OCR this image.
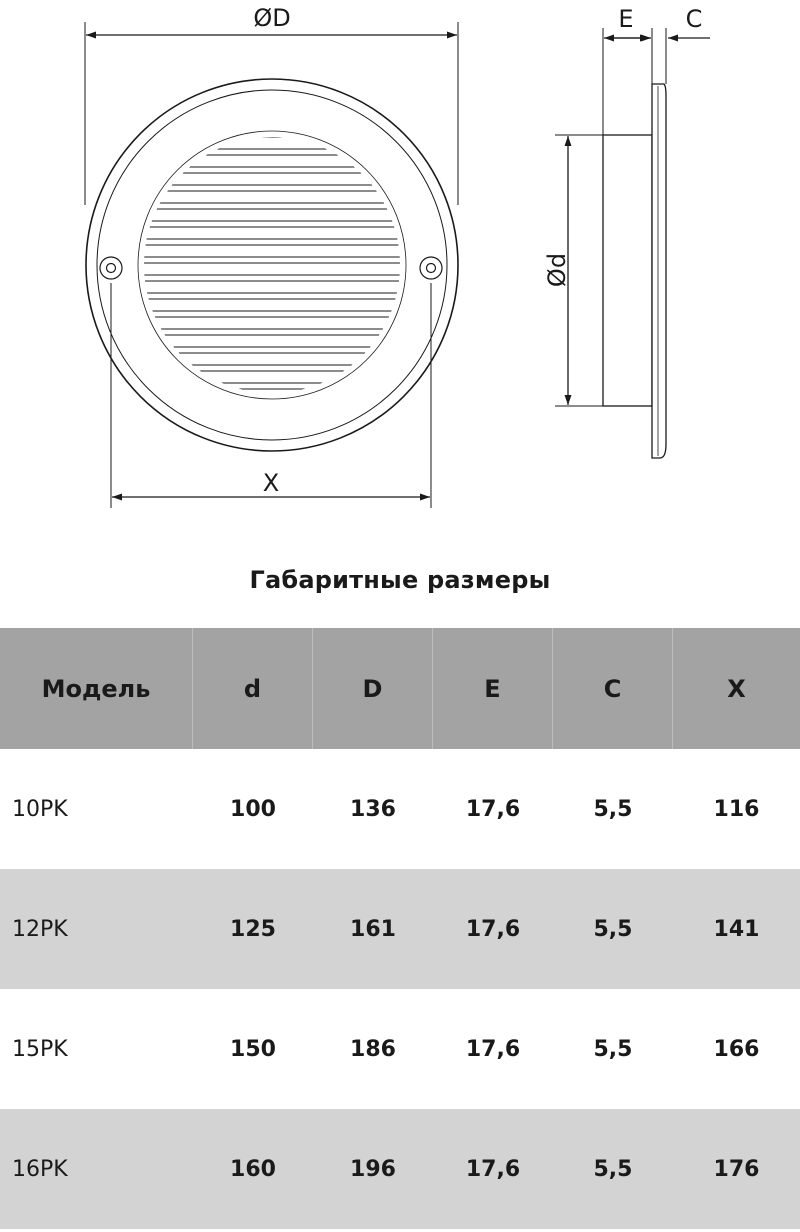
ØD
X
E C
Ød
Габаритные размеры
Модель	d	D	E	C	X
10PK	100	136	17,6	5,5	116
12PK	125	161	17,6	5,5	141
15PK	150	186	17,6	5,5	166
16PK	160	196	17,6	5,5	176
